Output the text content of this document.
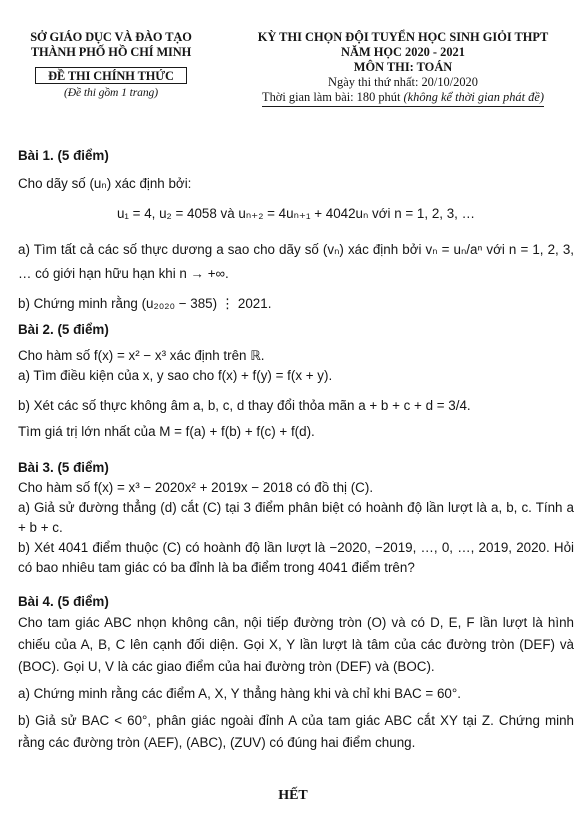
SỞ GIÁO DỤC VÀ ĐÀO TẠO
THÀNH PHỐ HỒ CHÍ MINH
ĐỀ THI CHÍNH THỨC
(Đề thi gồm 1 trang)
KỲ THI CHỌN ĐỘI TUYỂN HỌC SINH GIỎI THPT
NĂM HỌC 2020 - 2021
MÔN THI: TOÁN
Ngày thi thứ nhất: 20/10/2020
Thời gian làm bài: 180 phút (không kể thời gian phát đề)
Bài 1. (5 điểm)

Cho dãy số (uₙ) xác định bởi:

u₁ = 4, u₂ = 4058 và uₙ₊₂ = 4uₙ₊₁ + 4042uₙ với n = 1, 2, 3, …

a) Tìm tất cả các số thực dương a sao cho dãy số (vₙ) xác định bởi vₙ = uₙ/aⁿ với n = 1, 2, 3, … có giới hạn hữu hạn khi n → +∞.

b) Chứng minh rằng (u₂₀₂₀ − 385) ⋮ 2021.

Bài 2. (5 điểm)

Cho hàm số f(x) = x² − x³ xác định trên ℝ.

a) Tìm điều kiện của x, y sao cho f(x) + f(y) = f(x + y).

b) Xét các số thực không âm a, b, c, d thay đổi thỏa mãn a + b + c + d = 3/4.

Tìm giá trị lớn nhất của M = f(a) + f(b) + f(c) + f(d).

Bài 3. (5 điểm)

Cho hàm số f(x) = x³ − 2020x² + 2019x − 2018 có đồ thị (C).

a) Giả sử đường thẳng (d) cắt (C) tại 3 điểm phân biệt có hoành độ lần lượt là a, b, c. Tính a + b + c.

b) Xét 4041 điểm thuộc (C) có hoành độ lần lượt là −2020, −2019, …, 0, …, 2019, 2020. Hỏi có bao nhiêu tam giác có ba đỉnh là ba điểm trong 4041 điểm trên?

Bài 4. (5 điểm)

Cho tam giác ABC nhọn không cân, nội tiếp đường tròn (O) và có D, E, F lần lượt là hình chiếu của A, B, C lên cạnh đối diện. Gọi X, Y lần lượt là tâm của các đường tròn (DEF) và (BOC). Gọi U, V là các giao điểm của hai đường tròn (DEF) và (BOC).

a) Chứng minh rằng các điểm A, X, Y thẳng hàng khi và chỉ khi BAC = 60°.

b) Giả sử BAC < 60°, phân giác ngoài đỉnh A của tam giác ABC cắt XY tại Z. Chứng minh rằng các đường tròn (AEF), (ABC), (ZUV) có đúng hai điểm chung.

HẾT
